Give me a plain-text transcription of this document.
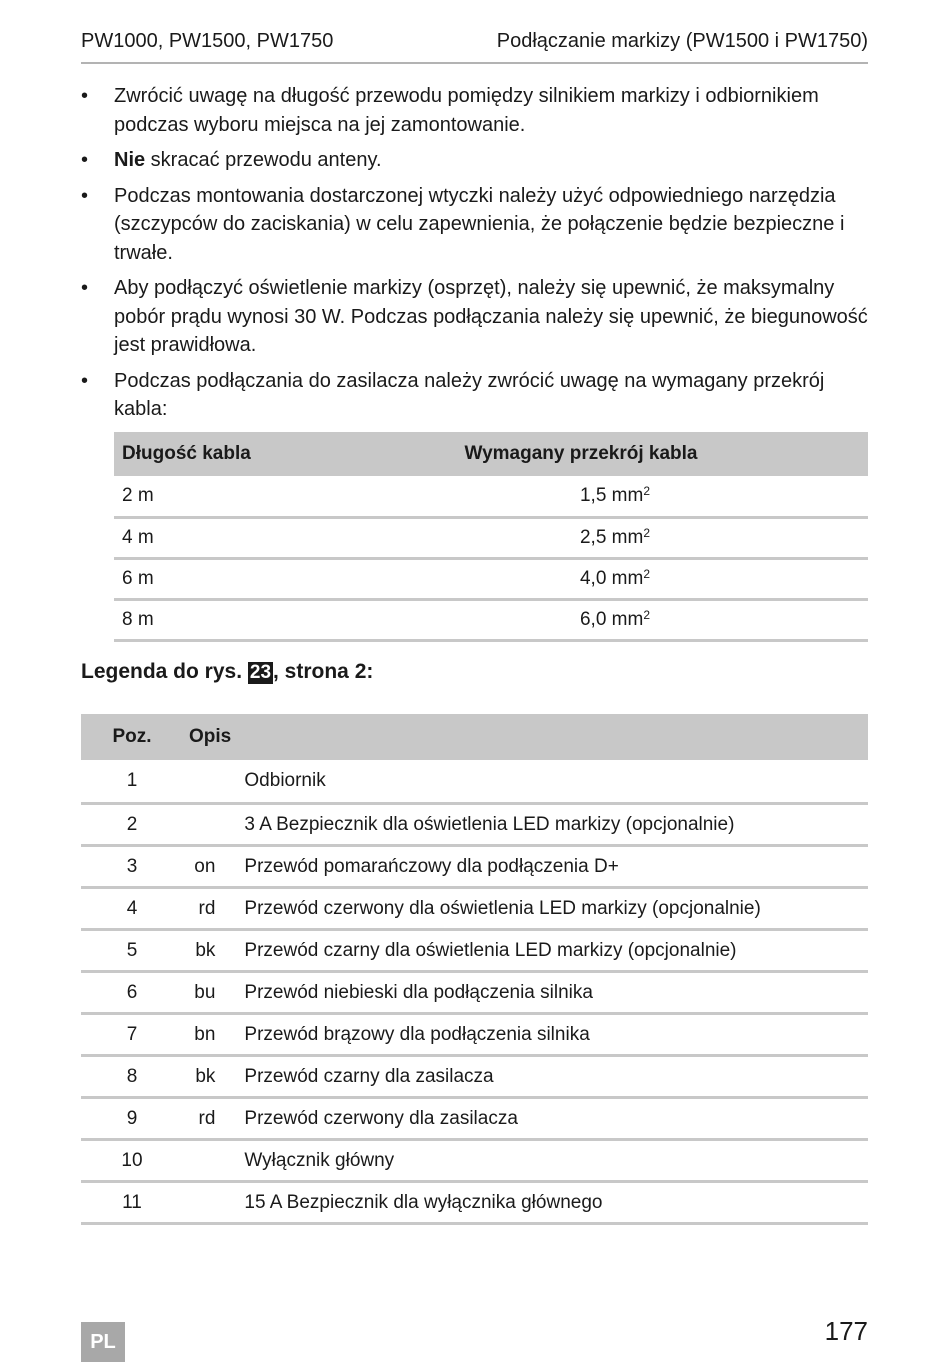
PW1000, PW1500, PW1750	Podłączanie markizy (PW1500 i PW1750)
• Zwrócić uwagę na długość przewodu pomiędzy silnikiem markizy i odbiornikiem podczas wyboru miejsca na jej zamontowanie.
• Nie skracać przewodu anteny.
• Podczas montowania dostarczonej wtyczki należy użyć odpowiedniego narzędzia (szczypców do zaciskania) w celu zapewnienia, że połączenie będzie bezpieczne i trwałe.
• Aby podłączyć oświetlenie markizy (osprzęt), należy się upewnić, że maksymalny pobór prądu wynosi 30 W. Podczas podłączania należy się upewnić, że biegunowość jest prawidłowa.
• Podczas podłączania do zasilacza należy zwrócić uwagę na wymagany przekrój kabla:
Długość kabla	Wymagany przekrój kabla
2 m	1,5 $mm^2$
4 m	2,5 $mm^2$
6 m	4,0 $mm^2$
8 m	6,0 $mm^2$
Legenda do rys. 23, strona 2:
Poz.	Opis	
1		Odbiornik
2		3 A Bezpiecznik dla oświetlenia LED markizy (opcjonalnie)
3	on	Przewód pomarańczowy dla podłączenia D+
4	rd	Przewód czerwony dla oświetlenia LED markizy (opcjonalnie)
5	bk	Przewód czarny dla oświetlenia LED markizy (opcjonalnie)
6	bu	Przewód niebieski dla podłączenia silnika
7	bn	Przewód brązowy dla podłączenia silnika
8	bk	Przewód czarny dla zasilacza
9	rd	Przewód czerwony dla zasilacza
10		Wyłącznik główny
11		15 A Bezpiecznik dla wyłącznika głównego
PL	177
